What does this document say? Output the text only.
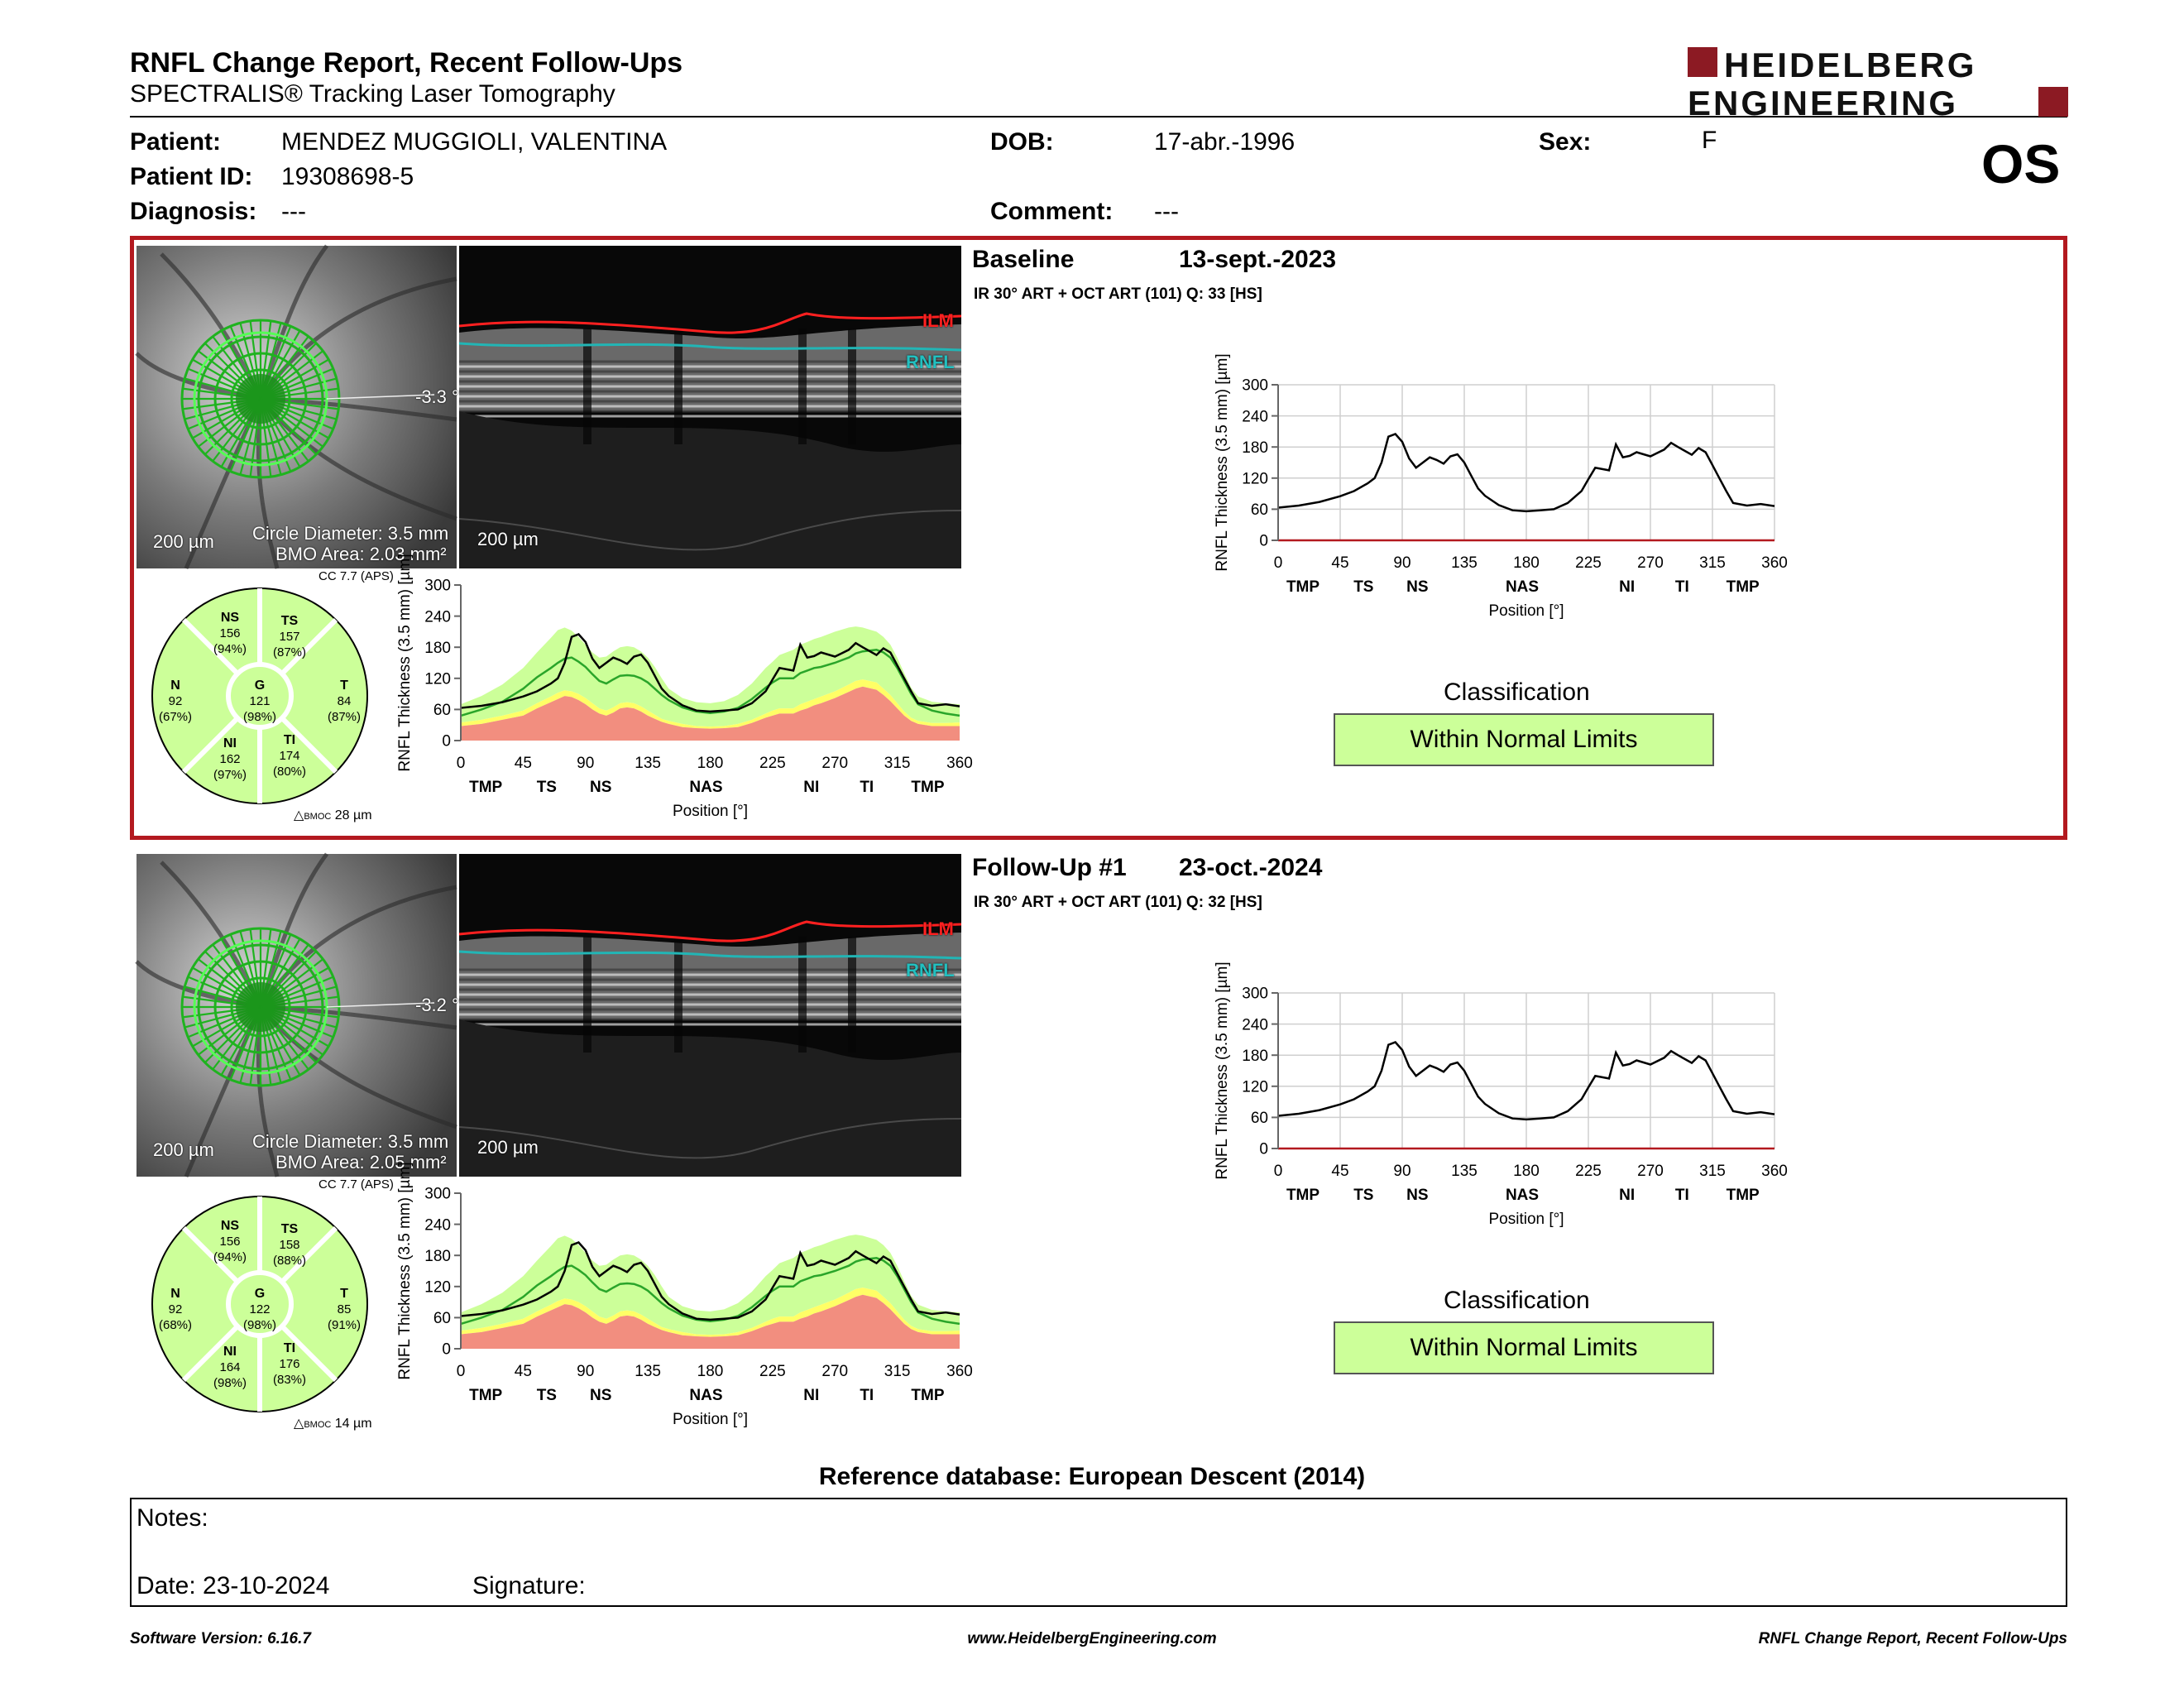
RNFL Change Report, Recent Follow-Ups
SPECTRALIS® Tracking Laser Tomography
HEIDELBERG
ENGINEERING
Patient: MENDEZ MUGGIOLI, VALENTINA
Patient ID: 19308698-5
Diagnosis: ---
DOB:	17-abr.-1996
Comment: ---
Sex:	F	OS
200 µm Circle Diameter: 3.5 mm
BMO Area: 2.03 mm²
-3.3 °
200 µm
ILM
RNFL
CC 7.7 (APS)
NS
156
(94%)
TS
157
(87%)
N
92
(67%)
G
121
(98%)
T
84
(87%)
NI
162
(97%)
TI
174
(80%)
△BMOC 28 µm
0
60
120
180
240
300
0	45	90	135 180 225 270 315 360
TMP TS NS	NAS	NI	TI TMP
Position [°]
RNFL Thickness (3.5 mm) [µm]
Baseline	13-sept.-2023
IR 30° ART + OCT ART (101) Q: 33 [HS]
0
60
120
180
240
300
0	45	90	135 180 225 270 315 360
TMP TS NS	NAS	NI	TI TMP
Position [°]
RNFL Thickness (3.5 mm) [µm]
Classification
Within Normal Limits
200 µm Circle Diameter: 3.5 mm
BMO Area: 2.05 mm²
-3.2 °
200 µm
ILM
RNFL
CC 7.7 (APS)
NS
156
(94%)
TS
158
(88%)
N
92
(68%)
G
122
(98%)
T
85
(91%)
NI
164
(98%)
TI
176
(83%)
△BMOC 14 µm
0
60
120
180
240
300
0	45	90	135 180 225 270 315 360
TMP TS NS	NAS	NI	TI TMP
Position [°]
RNFL Thickness (3.5 mm) [µm]
Follow-Up #1 23-oct.-2024
IR 30° ART + OCT ART (101) Q: 32 [HS]
0
60
120
180
240
300
0	45	90	135 180 225 270 315 360
TMP TS NS	NAS	NI	TI TMP
Position [°]
RNFL Thickness (3.5 mm) [µm]
Classification
Within Normal Limits
Reference database: European Descent (2014)
Notes:
Date: 23-10-2024	Signature:
Software Version: 6.16.7	www.HeidelbergEngineering.com	RNFL Change Report, Recent Follow-Ups
